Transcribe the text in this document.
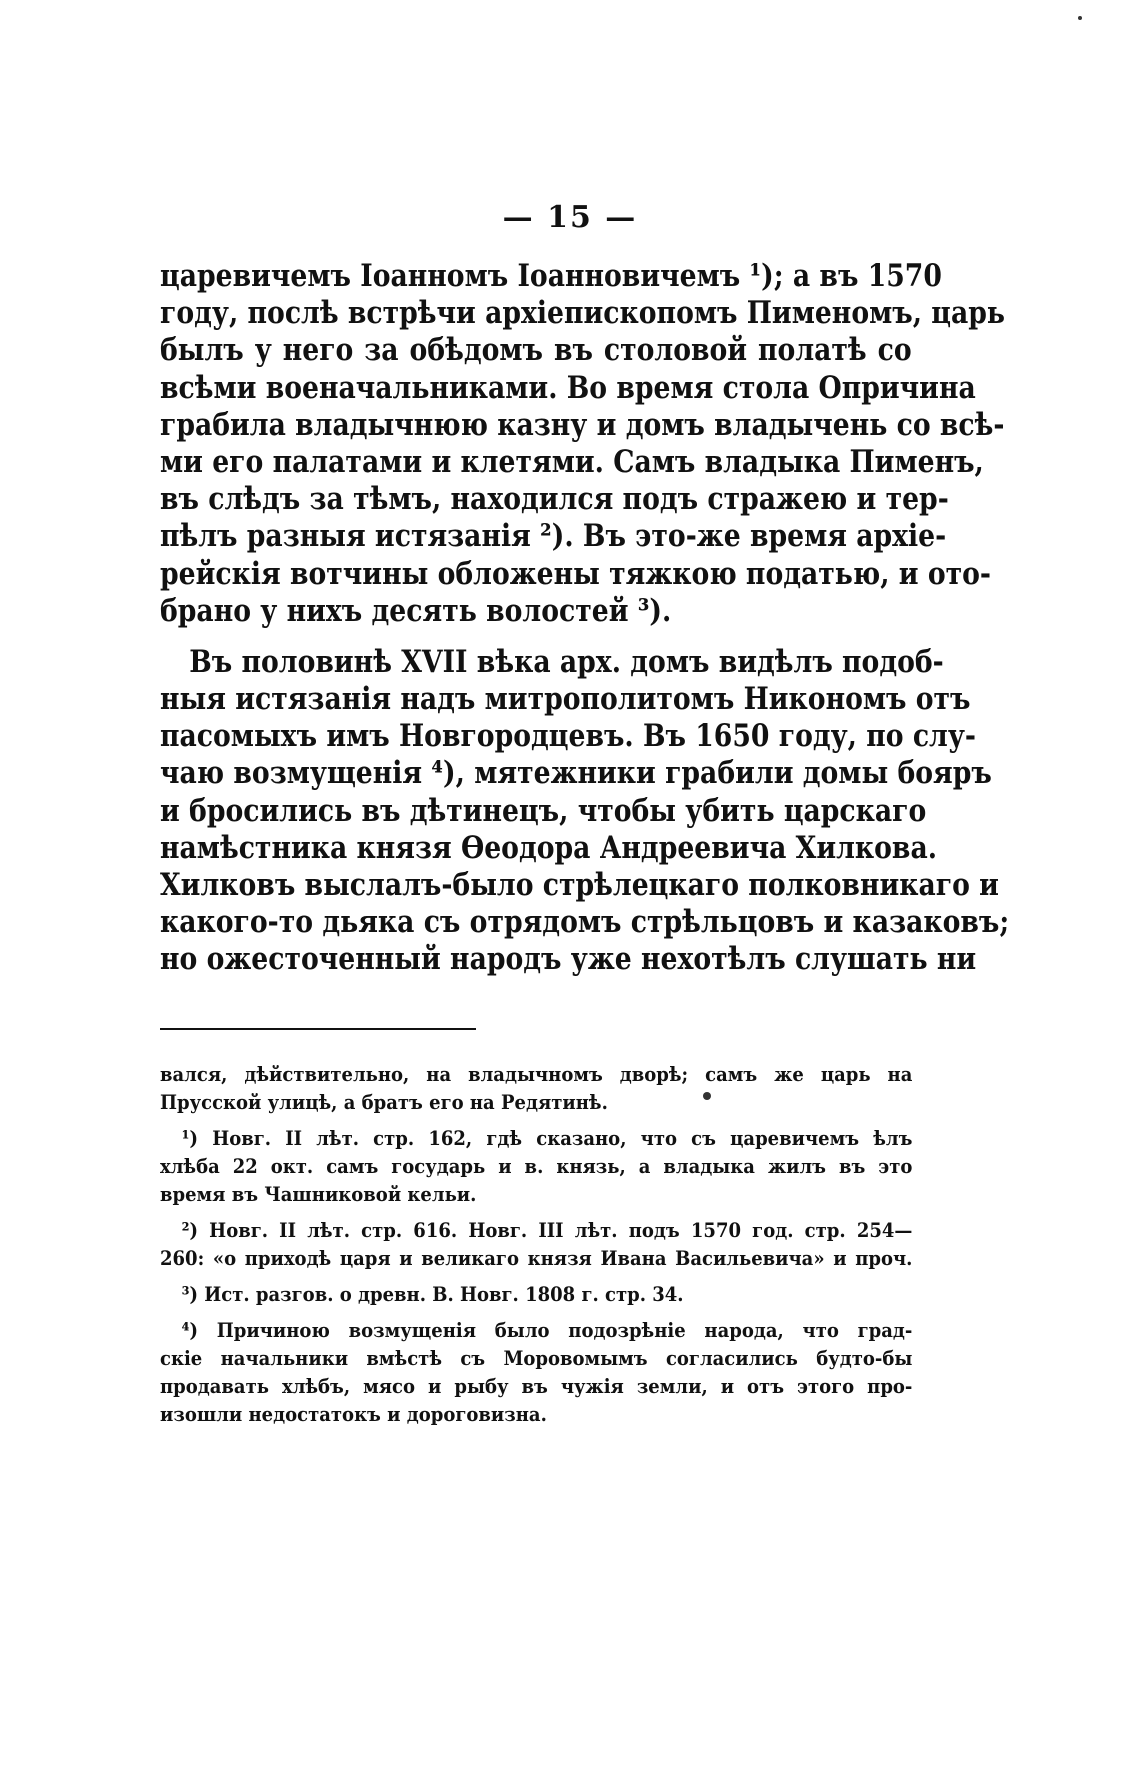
— 15 —
царевичемъ Іоанномъ Іоанновичемъ ¹); а въ 1570
году, послѣ встрѣчи архіепископомъ Пименомъ, царь
былъ у него за обѣдомъ въ столовой полатѣ со
всѣми военачальниками. Во время стола Опричина
грабила владычнюю казну и домъ владычень со всѣ-
ми его палатами и клетями. Самъ владыка Пименъ,
въ слѣдъ за тѣмъ, находился подъ стражею и тер-
пѣлъ разныя истязанія ²). Въ это-же время архіе-
рейскія вотчины обложены тяжкою податью, и ото-
брано у нихъ десять волостей ³).
Въ половинѣ XVII вѣка арх. домъ видѣлъ подоб-
ныя истязанія надъ митрополитомъ Никономъ отъ
пасомыхъ имъ Новгородцевъ. Въ 1650 году, по слу-
чаю возмущенія ⁴), мятежники грабили домы бояръ
и бросились въ дѣтинецъ, чтобы убить царскаго
намѣстника князя Ѳеодора Андреевича Хилкова.
Хилковъ выслалъ-было стрѣлецкаго полковникаго и
какого-то дьяка съ отрядомъ стрѣльцовъ и казаковъ;
но ожесточенный народъ уже нехотѣлъ слушать ни
вался, дѣйствительно, на владычномъ дворѣ; самъ же царь на
Прусской улицѣ, а братъ его на Редятинѣ.
¹) Новг. II лѣт. стр. 162, гдѣ сказано, что съ царевичемъ ѣлъ
хлѣба 22 окт. самъ государь и в. князь, а владыка жилъ въ это
время въ Чашниковой кельи.
²) Новг. II лѣт. стр. 616. Новг. III лѣт. подъ 1570 год. стр. 254—
260: «о приходѣ царя и великаго князя Ивана Васильевича» и проч.
³) Ист. разгов. о древн. В. Новг. 1808 г. стр. 34.
⁴) Причиною возмущенія было подозрѣніе народа, что град-
скіе начальники вмѣстѣ съ Моровомымъ согласились будто-бы
продавать хлѣбъ, мясо и рыбу въ чужія земли, и отъ этого про-
изошли недостатокъ и дороговизна.
